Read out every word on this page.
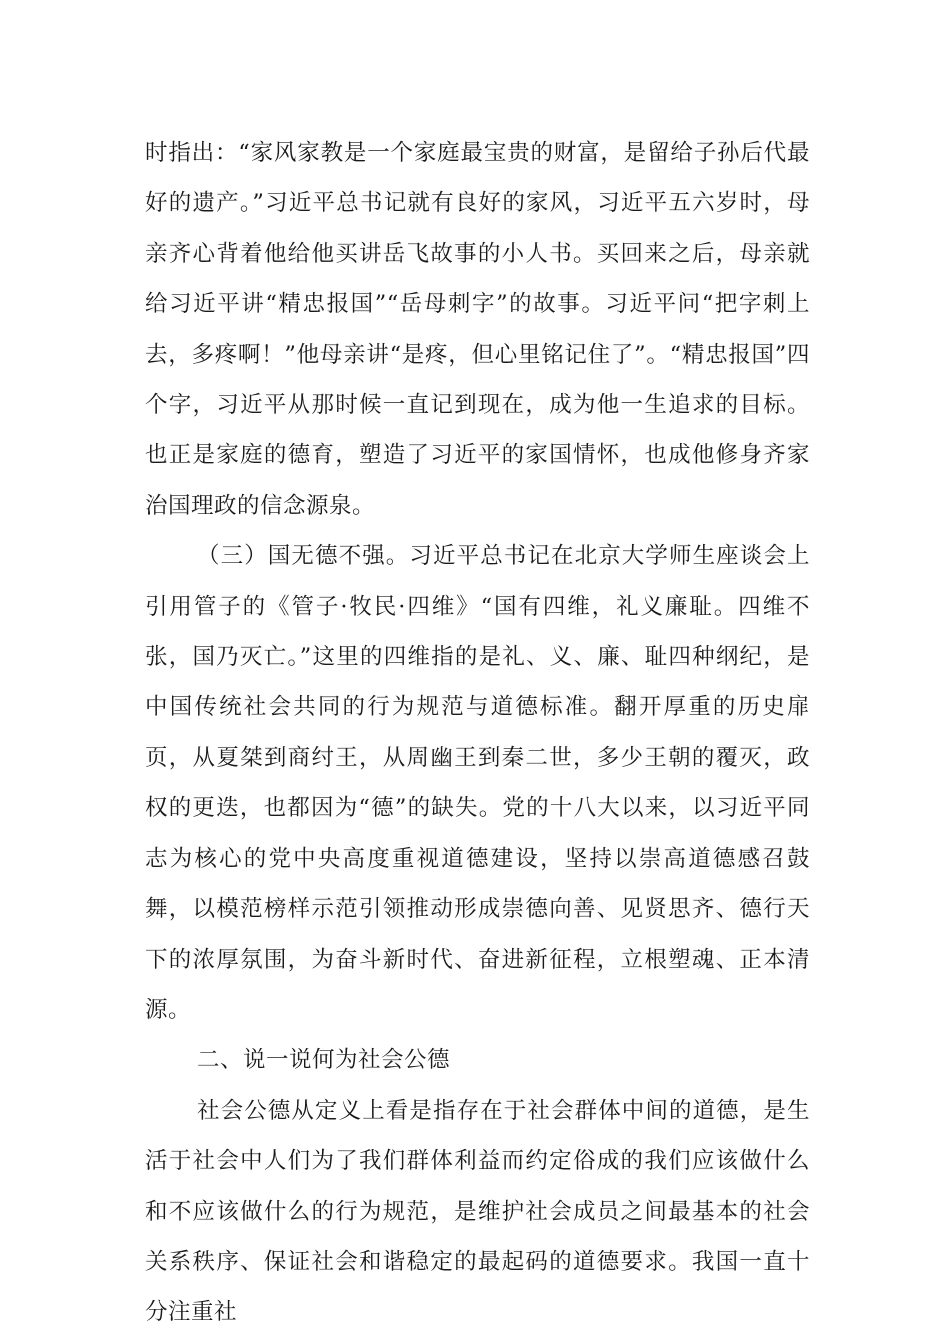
时指出：“家风家教是一个家庭最宝贵的财富，是留给子孙后代最好的遗产。”习近平总书记就有良好的家风，习近平五六岁时，母亲齐心背着他给他买讲岳飞故事的小人书。买回来之后，母亲就给习近平讲“精忠报国”“岳母刺字”的故事。习近平问“把字刺上去，多疼啊！”他母亲讲“是疼，但心里铭记住了”。“精忠报国”四个字，习近平从那时候一直记到现在，成为他一生追求的目标。也正是家庭的德育，塑造了习近平的家国情怀，也成他修身齐家治国理政的信念源泉。

（三）国无德不强。习近平总书记在北京大学师生座谈会上引用管子的《管子·牧民·四维》“国有四维，礼义廉耻。四维不张，国乃灭亡。”这里的四维指的是礼、义、廉、耻四种纲纪，是中国传统社会共同的行为规范与道德标准。翻开厚重的历史扉页，从夏桀到商纣王，从周幽王到秦二世，多少王朝的覆灭，政权的更迭，也都因为“德”的缺失。党的十八大以来，以习近平同志为核心的党中央高度重视道德建设，坚持以崇高道德感召鼓舞，以模范榜样示范引领推动形成崇德向善、见贤思齐、德行天下的浓厚氛围，为奋斗新时代、奋进新征程，立根塑魂、正本清源。

二、说一说何为社会公德

社会公德从定义上看是指存在于社会群体中间的道德，是生活于社会中人们为了我们群体利益而约定俗成的我们应该做什么和不应该做什么的行为规范，是维护社会成员之间最基本的社会关系秩序、保证社会和谐稳定的最起码的道德要求。我国一直十分注重社
